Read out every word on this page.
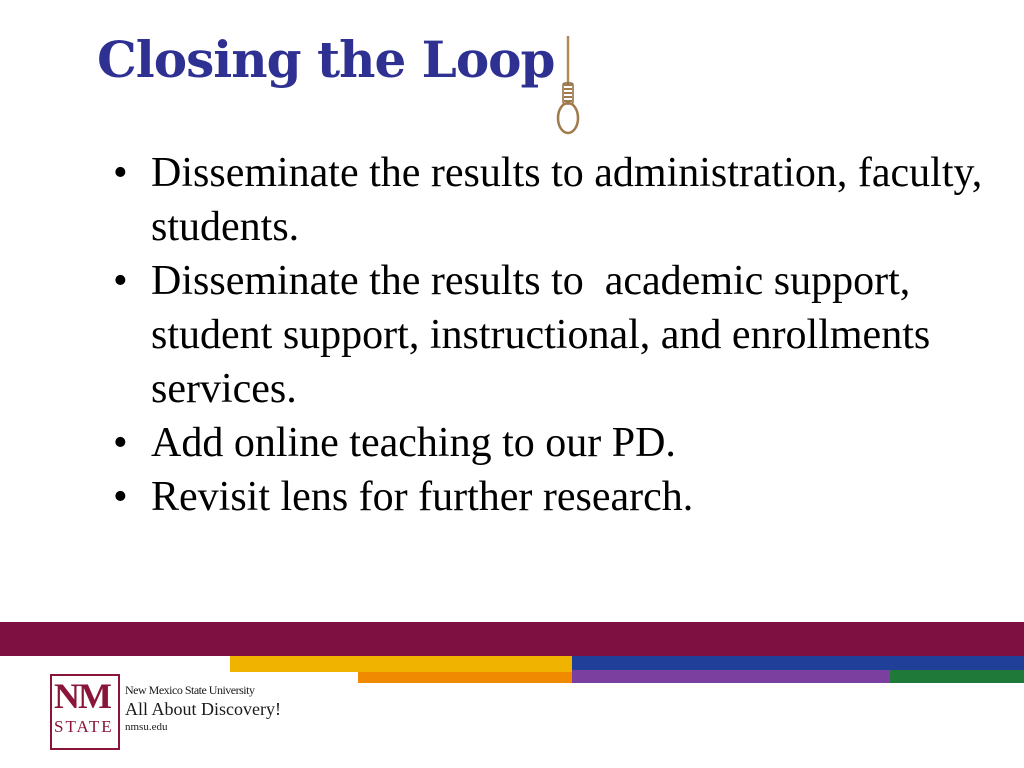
Closing the Loop
• Disseminate the results to administration, faculty, students.
• Disseminate the results to  academic support, student support, instructional, and enrollments services.
• Add online teaching to our PD.
• Revisit lens for further research.
NM
STATE
New Mexico State University
All About Discovery!
nmsu.edu
